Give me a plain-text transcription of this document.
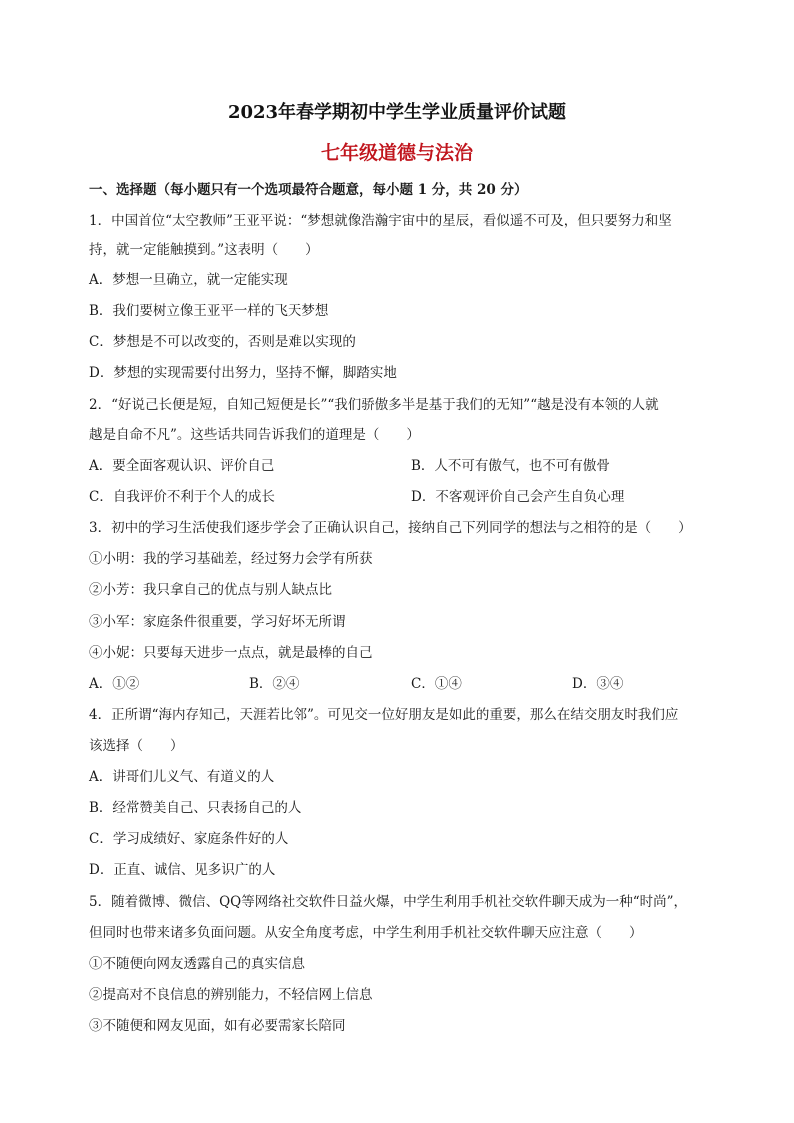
2023年春学期初中学生学业质量评价试题
七年级道德与法治
一、选择题（每小题只有一个选项最符合题意，每小题 1 分，共 20 分）
1．中国首位“太空教师”王亚平说：“梦想就像浩瀚宇宙中的星辰，看似遥不可及，但只要努力和坚
持，就一定能触摸到。”这表明（　　）
A．梦想一旦确立，就一定能实现
B．我们要树立像王亚平一样的飞天梦想
C．梦想是不可以改变的，否则是难以实现的
D．梦想的实现需要付出努力，坚持不懈，脚踏实地
2．“好说己长便是短，自知己短便是长”“我们骄傲多半是基于我们的无知”“越是没有本领的人就
越是自命不凡”。这些话共同告诉我们的道理是（　　）
A．要全面客观认识、评价自己	B．人不可有傲气，也不可有傲骨
C．自我评价不利于个人的成长	D．不客观评价自己会产生自负心理
3．初中的学习生活使我们逐步学会了正确认识自己，接纳自己下列同学的想法与之相符的是（　　）
①小明：我的学习基础差，经过努力会学有所获
②小芳：我只拿自己的优点与别人缺点比
③小军：家庭条件很重要，学习好坏无所谓
④小妮：只要每天进步一点点，就是最棒的自己
A．①②	B．②④	C．①④	D．③④
4．正所谓“海内存知己，天涯若比邻”。可见交一位好朋友是如此的重要，那么在结交朋友时我们应
该选择（　　）
A．讲哥们儿义气、有道义的人
B．经常赞美自己、只表扬自己的人
C．学习成绩好、家庭条件好的人
D．正直、诚信、见多识广的人
5．随着微博、微信、QQ等网络社交软件日益火爆，中学生利用手机社交软件聊天成为一种“时尚”，
但同时也带来诸多负面问题。从安全角度考虑，中学生利用手机社交软件聊天应注意（　　）
①不随便向网友透露自己的真实信息
②提高对不良信息的辨别能力，不轻信网上信息
③不随便和网友见面，如有必要需家长陪同
